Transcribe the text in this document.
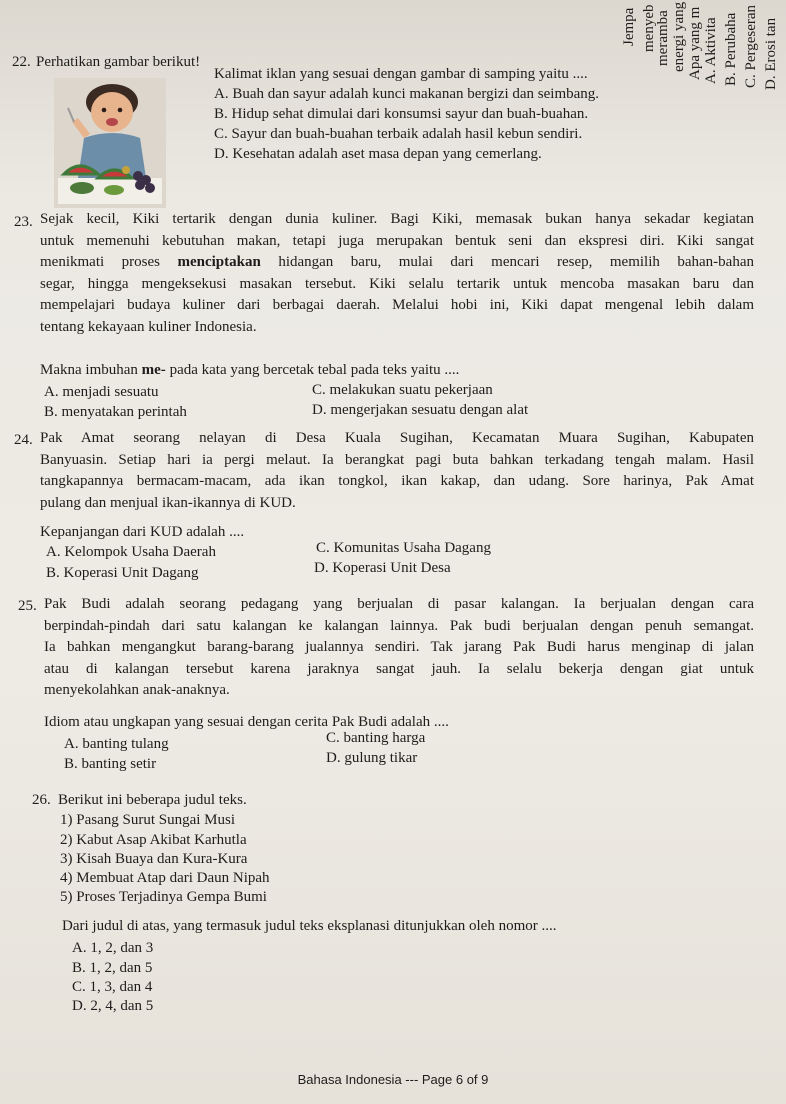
Jempa menyeb
meramba energi yang Apa yang m A. Aktivita B. Perubaha C. Pergeseran D. Erosi tan
22. Perhatikan gambar berikut!
Kalimat iklan yang sesuai dengan gambar di samping yaitu ....
A. Buah dan sayur adalah kunci makanan bergizi dan seimbang.
B. Hidup sehat dimulai dari konsumsi sayur dan buah-buahan.
C. Sayur dan buah-buahan terbaik adalah hasil kebun sendiri.
D. Kesehatan adalah aset masa depan yang cemerlang.
23. Sejak kecil, Kiki tertarik dengan dunia kuliner. Bagi Kiki, memasak bukan hanya sekadar kegiatan
untuk memenuhi kebutuhan makan, tetapi juga merupakan bentuk seni dan ekspresi diri. Kiki sangat
menikmati proses menciptakan hidangan baru, mulai dari mencari resep, memilih bahan-bahan
segar, hingga mengeksekusi masakan tersebut. Kiki selalu tertarik untuk mencoba masakan baru dan
mempelajari budaya kuliner dari berbagai daerah. Melalui hobi ini, Kiki dapat mengenal lebih dalam
tentang kekayaan kuliner Indonesia.
Makna imbuhan me- pada kata yang bercetak tebal pada teks yaitu ....
A. menjadi sesuatu
B. menyatakan perintah
C. melakukan suatu pekerjaan
D. mengerjakan sesuatu dengan alat
24. Pak Amat seorang nelayan di Desa Kuala Sugihan, Kecamatan Muara Sugihan, Kabupaten
Banyuasin. Setiap hari ia pergi melaut. Ia berangkat pagi buta bahkan terkadang tengah malam. Hasil
tangkapannya bermacam-macam, ada ikan tongkol, ikan kakap, dan udang. Sore harinya, Pak Amat
pulang dan menjual ikan-ikannya di KUD.
Kepanjangan dari KUD adalah ....
A. Kelompok Usaha Daerah
B. Koperasi Unit Dagang
C. Komunitas Usaha Dagang
D. Koperasi Unit Desa
25. Pak Budi adalah seorang pedagang yang berjualan di pasar kalangan. Ia berjualan dengan cara
berpindah-pindah dari satu kalangan ke kalangan lainnya. Pak budi berjualan dengan penuh semangat.
Ia bahkan mengangkut barang-barang jualannya sendiri. Tak jarang Pak Budi harus menginap di jalan
atau di kalangan tersebut karena jaraknya sangat jauh. Ia selalu bekerja dengan giat untuk
menyekolahkan anak-anaknya.
Idiom atau ungkapan yang sesuai dengan cerita Pak Budi adalah ....
A. banting tulang
B. banting setir
C. banting harga
D. gulung tikar
26. Berikut ini beberapa judul teks.
1) Pasang Surut Sungai Musi
2) Kabut Asap Akibat Karhutla
3) Kisah Buaya dan Kura-Kura
4) Membuat Atap dari Daun Nipah
5) Proses Terjadinya Gempa Bumi
Dari judul di atas, yang termasuk judul teks eksplanasi ditunjukkan oleh nomor ....
A. 1, 2, dan 3
B. 1, 2, dan 5
C. 1, 3, dan 4
D. 2, 4, dan 5
Bahasa Indonesia --- Page 6 of 9
